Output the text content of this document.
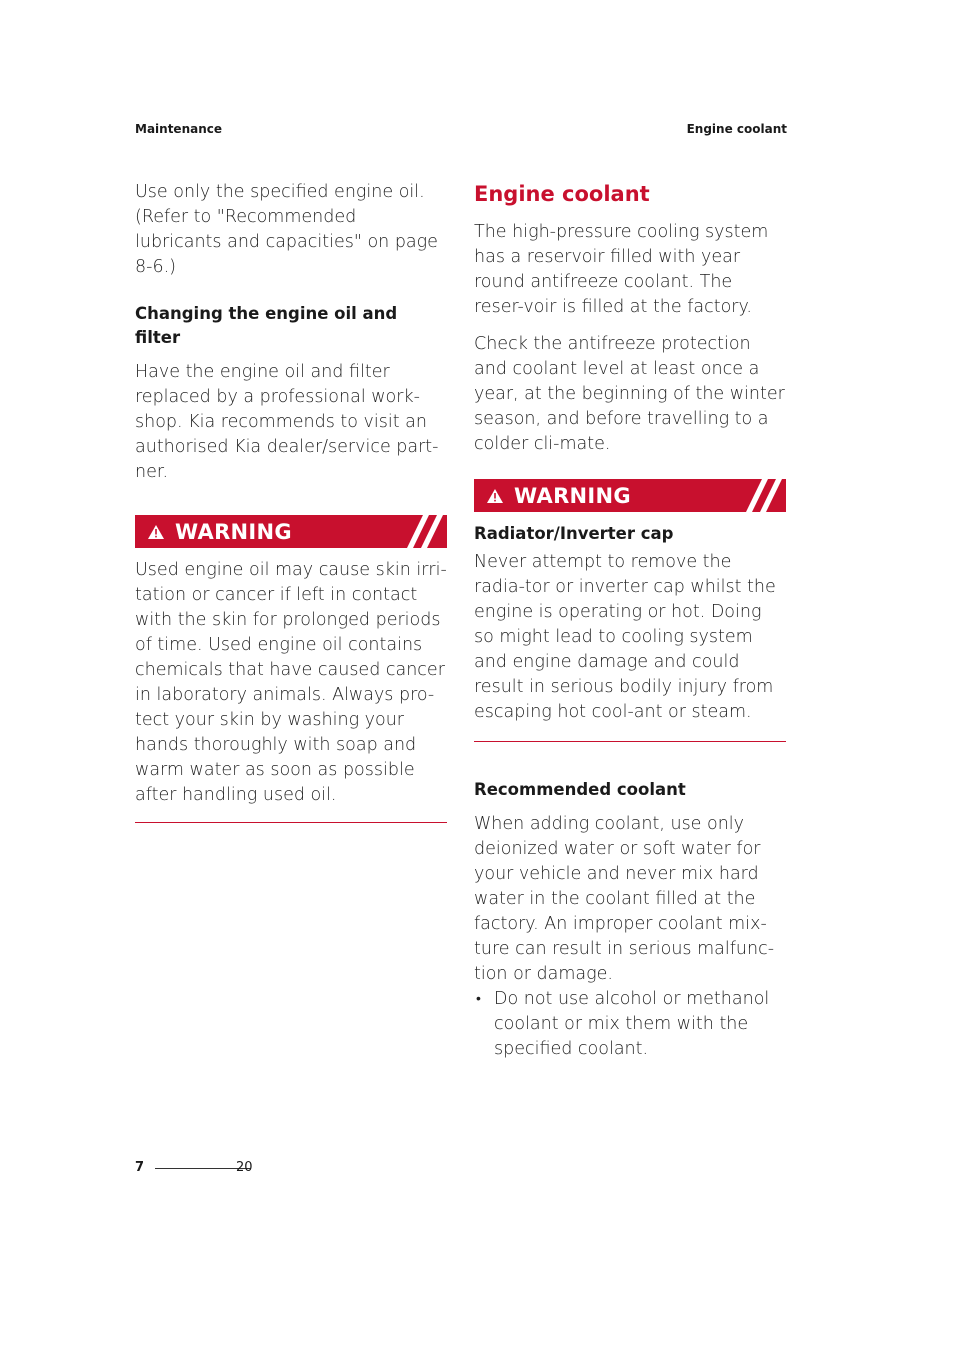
Maintenance	Engine coolant

Use only the specified engine oil. (Refer to "Recommended lubricants and capacities" on page 8-6.)

Changing the engine oil and filter

Have the engine oil and filter replaced by a professional work-shop. Kia recommends to visit an authorised Kia dealer/service part-ner.

WARNING

Used engine oil may cause skin irri-tation or cancer if left in contact with the skin for prolonged periods of time. Used engine oil contains chemicals that have caused cancer in laboratory animals. Always pro-tect your skin by washing your hands thoroughly with soap and warm water as soon as possible after handling used oil.

Engine coolant

The high-pressure cooling system has a reservoir filled with year round antifreeze coolant. The reser-voir is filled at the factory.

Check the antifreeze protection and coolant level at least once a year, at the beginning of the winter season, and before travelling to a colder cli-mate.

WARNING
Radiator/Inverter cap

Never attempt to remove the radia-tor or inverter cap whilst the engine is operating or hot. Doing so might lead to cooling system and engine damage and could result in serious bodily injury from escaping hot cool-ant or steam.

Recommended coolant

When adding coolant, use only deionized water or soft water for your vehicle and never mix hard water in the coolant filled at the factory. An improper coolant mix-ture can result in serious malfunc-tion or damage.

• Do not use alcohol or methanol coolant or mix them with the specified coolant.
7	20
